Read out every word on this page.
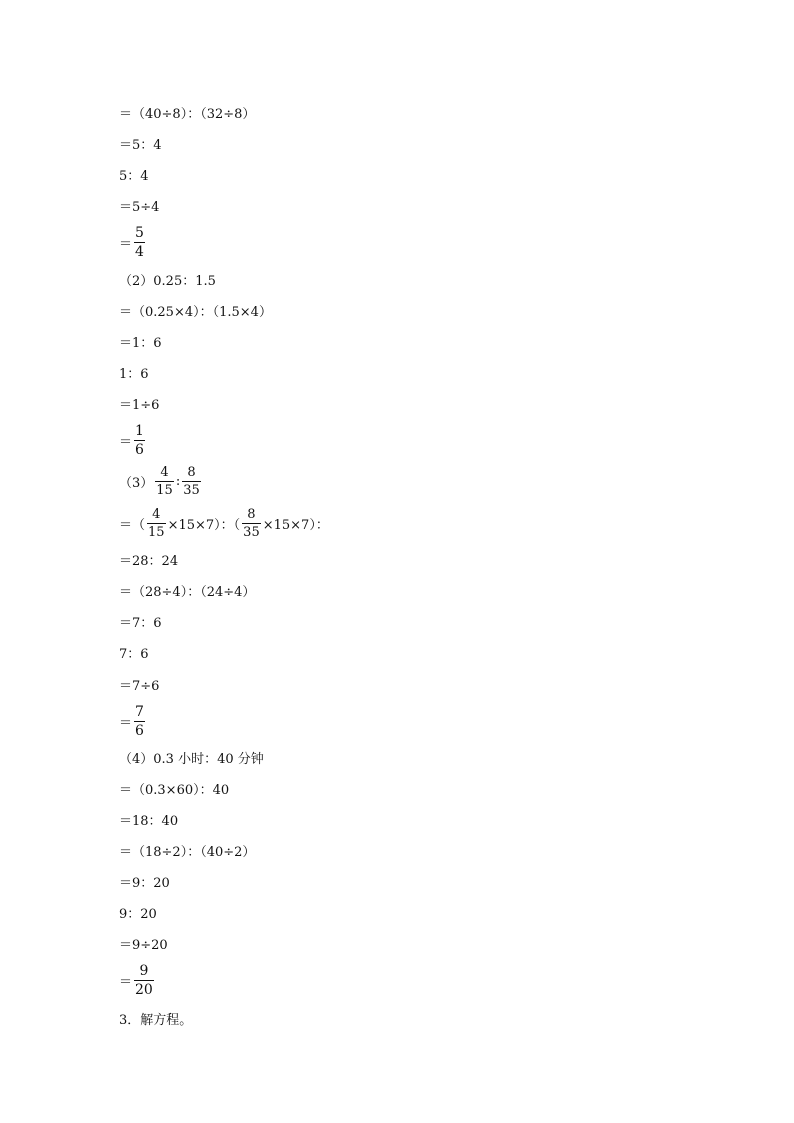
＝（40÷8）：（32÷8）
＝5：4
5：4
＝5÷4
＝ $\frac{5}{4}$
（2）0.25：1.5
＝（0.25×4）：（1.5×4）
＝1：6
1：6
＝1÷6
＝ $\frac{1}{6}$
$(3) \frac{4}{15}$ : $\frac{8}{35}$
＝（ $\frac{4}{15} \times 15\times 7$）：（ $\frac{8}{35} \times 15\times 7$）：
＝28：24
＝（28÷4）：（24÷4）
＝7：6
7：6
＝7÷6
＝ $\frac{7}{6}$
（4）0.3 小时：40 分钟
＝（0.3×60）：40
＝18：40
＝（18÷2）：（40÷2）
＝9：20
9：20
＝9÷20
＝ $\frac{9}{20}$
3．解方程。
